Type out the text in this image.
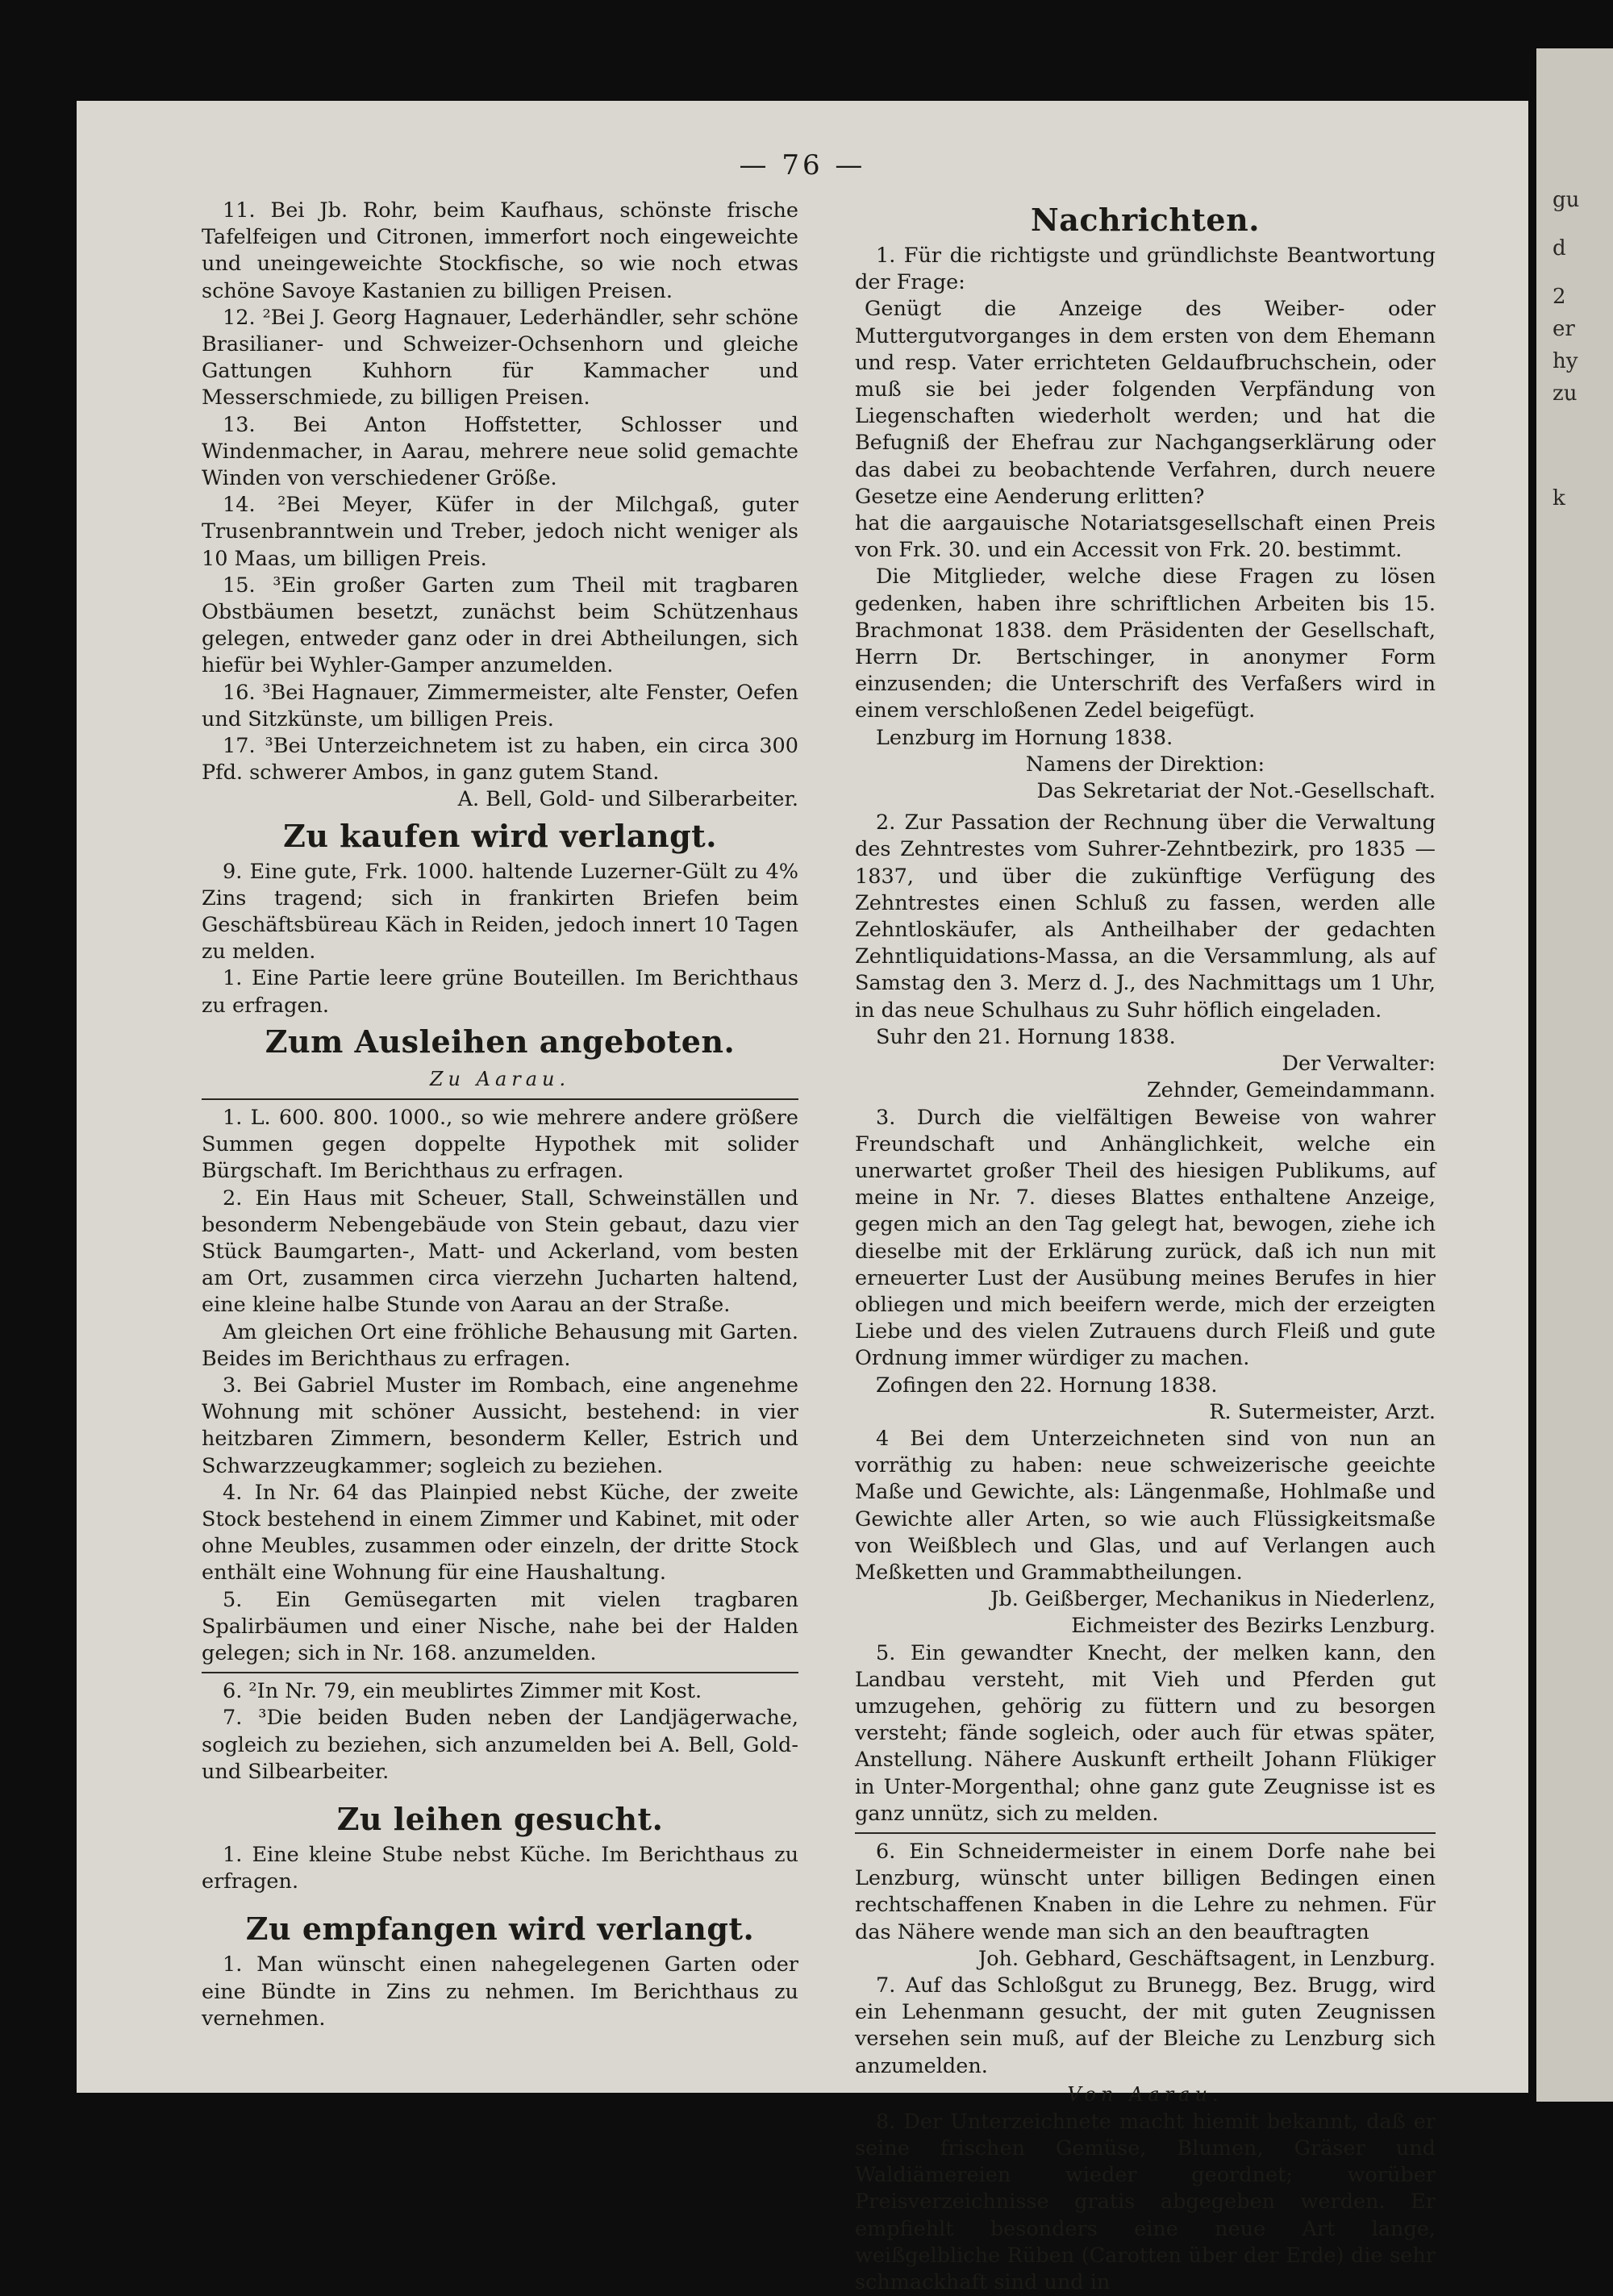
gu
d
2
er
hy
k
zu
— 76 —

11. Bei Jb. Rohr, beim Kaufhaus, schönste frische Tafelfeigen und Citronen, immerfort noch eingeweichte und uneingeweichte Stockfische, so wie noch etwas schöne Savoye Kastanien zu billigen Preisen.

12. ²Bei J. Georg Hagnauer, Lederhändler, sehr schöne Brasilianer- und Schweizer-Ochsenhorn und gleiche Gattungen Kuhhorn für Kammacher und Messerschmiede, zu billigen Preisen.

13. Bei Anton Hoffstetter, Schlosser und Windenmacher, in Aarau, mehrere neue solid gemachte Winden von verschiedener Größe.

14. ²Bei Meyer, Küfer in der Milchgaß, guter Trusenbranntwein und Treber, jedoch nicht weniger als 10 Maas, um billigen Preis.

15. ³Ein großer Garten zum Theil mit tragbaren Obstbäumen besetzt, zunächst beim Schützenhaus gelegen, entweder ganz oder in drei Abtheilungen, sich hiefür bei Wyhler-Gamper anzumelden.

16. ³Bei Hagnauer, Zimmermeister, alte Fenster, Oefen und Sitzkünste, um billigen Preis.

17. ³Bei Unterzeichnetem ist zu haben, ein circa 300 Pfd. schwerer Ambos, in ganz gutem Stand.

A. Bell, Gold- und Silberarbeiter.

Zu kaufen wird verlangt.

9. Eine gute, Frk. 1000. haltende Luzerner-Gült zu 4% Zins tragend; sich in frankirten Briefen beim Geschäftsbüreau Käch in Reiden, jedoch innert 10 Tagen zu melden.

1. Eine Partie leere grüne Bouteillen. Im Berichthaus zu erfragen.

Zum Ausleihen angeboten.

Zu Aarau.

1. L. 600. 800. 1000., so wie mehrere andere größere Summen gegen doppelte Hypothek mit solider Bürgschaft. Im Berichthaus zu erfragen.

2. Ein Haus mit Scheuer, Stall, Schweinställen und besonderm Nebengebäude von Stein gebaut, dazu vier Stück Baumgarten-, Matt- und Ackerland, vom besten am Ort, zusammen circa vierzehn Jucharten haltend, eine kleine halbe Stunde von Aarau an der Straße.

Am gleichen Ort eine fröhliche Behausung mit Garten. Beides im Berichthaus zu erfragen.

3. Bei Gabriel Muster im Rombach, eine angenehme Wohnung mit schöner Aussicht, bestehend: in vier heitzbaren Zimmern, besonderm Keller, Estrich und Schwarzzeugkammer; sogleich zu beziehen.

4. In Nr. 64 das Plainpied nebst Küche, der zweite Stock bestehend in einem Zimmer und Kabinet, mit oder ohne Meubles, zusammen oder einzeln, der dritte Stock enthält eine Wohnung für eine Haushaltung.

5. Ein Gemüsegarten mit vielen tragbaren Spalirbäumen und einer Nische, nahe bei der Halden gelegen; sich in Nr. 168. anzumelden.

6. ²In Nr. 79, ein meublirtes Zimmer mit Kost.

7. ³Die beiden Buden neben der Landjägerwache, sogleich zu beziehen, sich anzumelden bei A. Bell, Gold- und Silbearbeiter.

Zu leihen gesucht.

1. Eine kleine Stube nebst Küche. Im Berichthaus zu erfragen.

Zu empfangen wird verlangt.

1. Man wünscht einen nahegelegenen Garten oder eine Bündte in Zins zu nehmen. Im Berichthaus zu vernehmen.

Nachrichten.

1. Für die richtigste und gründlichste Beantwortung der Frage:

Genügt die Anzeige des Weiber- oder Muttergutvorganges in dem ersten von dem Ehemann und resp. Vater errichteten Geldaufbruchschein, oder muß sie bei jeder folgenden Verpfändung von Liegenschaften wiederholt werden; und hat die Befugniß der Ehefrau zur Nachgangserklärung oder das dabei zu beobachtende Verfahren, durch neuere Gesetze eine Aenderung erlitten?

hat die aargauische Notariatsgesellschaft einen Preis von Frk. 30. und ein Accessit von Frk. 20. bestimmt.

Die Mitglieder, welche diese Fragen zu lösen gedenken, haben ihre schriftlichen Arbeiten bis 15. Brachmonat 1838. dem Präsidenten der Gesellschaft, Herrn Dr. Bertschinger, in anonymer Form einzusenden; die Unterschrift des Verfaßers wird in einem verschloßenen Zedel beigefügt.

Lenzburg im Hornung 1838.

Namens der Direktion:

Das Sekretariat der Not.-Gesellschaft.

2. Zur Passation der Rechnung über die Verwaltung des Zehntrestes vom Suhrer-Zehntbezirk, pro 1835 — 1837, und über die zukünftige Verfügung des Zehntrestes einen Schluß zu fassen, werden alle Zehntloskäufer, als Antheilhaber der gedachten Zehntliquidations-Massa, an die Versammlung, als auf Samstag den 3. Merz d. J., des Nachmittags um 1 Uhr, in das neue Schulhaus zu Suhr höflich eingeladen.

Suhr den 21. Hornung 1838.

Der Verwalter:

Zehnder, Gemeindammann.

3. Durch die vielfältigen Beweise von wahrer Freundschaft und Anhänglichkeit, welche ein unerwartet großer Theil des hiesigen Publikums, auf meine in Nr. 7. dieses Blattes enthaltene Anzeige, gegen mich an den Tag gelegt hat, bewogen, ziehe ich dieselbe mit der Erklärung zurück, daß ich nun mit erneuerter Lust der Ausübung meines Berufes in hier obliegen und mich beeifern werde, mich der erzeigten Liebe und des vielen Zutrauens durch Fleiß und gute Ordnung immer würdiger zu machen.

Zofingen den 22. Hornung 1838.

R. Sutermeister, Arzt.

4 Bei dem Unterzeichneten sind von nun an vorräthig zu haben: neue schweizerische geeichte Maße und Gewichte, als: Längenmaße, Hohlmaße und Gewichte aller Arten, so wie auch Flüssigkeitsmaße von Weißblech und Glas, und auf Verlangen auch Meßketten und Grammabtheilungen.

Jb. Geißberger, Mechanikus in Niederlenz,

Eichmeister des Bezirks Lenzburg.

5. Ein gewandter Knecht, der melken kann, den Landbau versteht, mit Vieh und Pferden gut umzugehen, gehörig zu füttern und zu besorgen versteht; fände sogleich, oder auch für etwas später, Anstellung. Nähere Auskunft ertheilt Johann Flükiger in Unter-Morgenthal; ohne ganz gute Zeugnisse ist es ganz unnütz, sich zu melden.

6. Ein Schneidermeister in einem Dorfe nahe bei Lenzburg, wünscht unter billigen Bedingen einen rechtschaffenen Knaben in die Lehre zu nehmen. Für das Nähere wende man sich an den beauftragten

Joh. Gebhard, Geschäftsagent, in Lenzburg.

7. Auf das Schloßgut zu Brunegg, Bez. Brugg, wird ein Lehenmann gesucht, der mit guten Zeugnissen versehen sein muß, auf der Bleiche zu Lenzburg sich anzumelden.

Von Aarau.

8. Der Unterzeichnete macht hiemit bekannt, daß er seine frischen Gemüse, Blumen, Gräser und Waldiämereien wieder geordnet; worüber Preisverzeichnisse gratis abgegeben werden. Er empfiehlt besonders eine neue Art lange, weißgelbliche Rüben (Carotten über der Erde) die sehr schmackhaft sind und in
